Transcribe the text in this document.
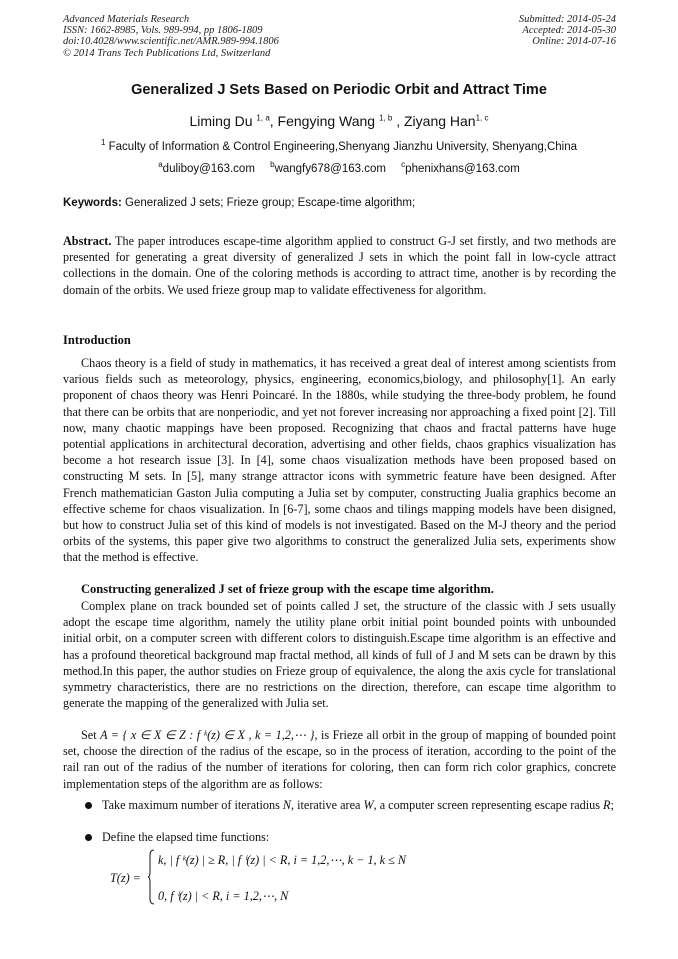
Advanced Materials Research
ISSN: 1662-8985, Vols. 989-994, pp 1806-1809
doi:10.4028/www.scientific.net/AMR.989-994.1806
© 2014 Trans Tech Publications Ltd, Switzerland
Submitted: 2014-05-24
Accepted: 2014-05-30
Online: 2014-07-16
Generalized J Sets Based on Periodic Orbit and Attract Time
Liming Du $^{1, a}$, Fengying Wang $^{1, b}$ , Ziyang Han$^{1, c}$
$^1$ Faculty of Information & Control Engineering,Shenyang Jianzhu University, Shenyang,China
$^a$duliboy@163.com $^b$wangfy678@163.com $^c$phenixhans@163.com
Keywords: Generalized J sets; Frieze group; Escape-time algorithm;
Abstract. The paper introduces escape-time algorithm applied to construct G-J set firstly, and two methods are presented for generating a great diversity of generalized J sets in which the point fall in low-cycle attract collections in the domain. One of the coloring methods is according to attract time, another is by recording the domain of the orbits. We used frieze group map to validate effectiveness for algorithm.
Introduction
Chaos theory is a field of study in mathematics, it has received a great deal of interest among scientists from various fields such as meteorology, physics, engineering, economics,biology, and philosophy[1]. An early proponent of chaos theory was Henri Poincaré. In the 1880s, while studying the three-body problem, he found that there can be orbits that are nonperiodic, and yet not forever increasing nor approaching a fixed point [2]. Till now, many chaotic mappings have been proposed. Recognizing that chaos and fractal patterns have huge potential applications in architectural decoration, advertising and other fields, chaos graphics visualization has become a hot research issue [3]. In [4], some chaos visualization methods have been proposed based on constructing M sets. In [5], many strange attractor icons with symmetric feature have been designed. After French mathematician Gaston Julia computing a Julia set by computer, constructing Jualia graphics become an effective scheme for chaos visualization. In [6-7], some chaos and tilings mapping models have been disigned, but how to construct Julia set of this kind of models is not investigated. Based on the M-J theory and the period orbits of the systems, this paper give two algorithms to construct the generalized Julia sets, experiments show that the method is effective.
Constructing generalized J set of frieze group with the escape time algorithm.
Complex plane on track bounded set of points called J set, the structure of the classic with J sets usually adopt the escape time algorithm, namely the utility plane orbit initial point bounded points with unbounded initial orbit, on a computer screen with different colors to distinguish.Escape time algorithm is an effective and has a profound theoretical background map fractal method, all kinds of full of J and M sets can be drawn by this method.In this paper, the author studies on Frieze group of equivalence, the along the axis cycle for translational symmetry characteristics, there are no restrictions on the direction, therefore, can escape time algorithm to generate the mapping of the generalized with Julia set.
Set A = { x ∈ X ∈ Z : f ᵏ(z) ∈ X , k = 1,2,⋯ }, is Frieze all orbit in the group of mapping of bounded point set, choose the direction of the radius of the escape, so in the process of iteration, according to the point of the rail ran out of the radius of the number of iterations for coloring, then can form rich color graphics, concrete implementation steps of the algorithm are as follows:
Take maximum number of iterations N, iterative area W, a computer screen representing escape radius R;
Define the elapsed time functions:
T(z) =
k, | f ᵏ(z) | ≥ R, | f ⁱ(z) | < R, i = 1,2,⋯, k − 1, k ≤ N
0, f ⁱ(z) | < R, i = 1,2,⋯, N
